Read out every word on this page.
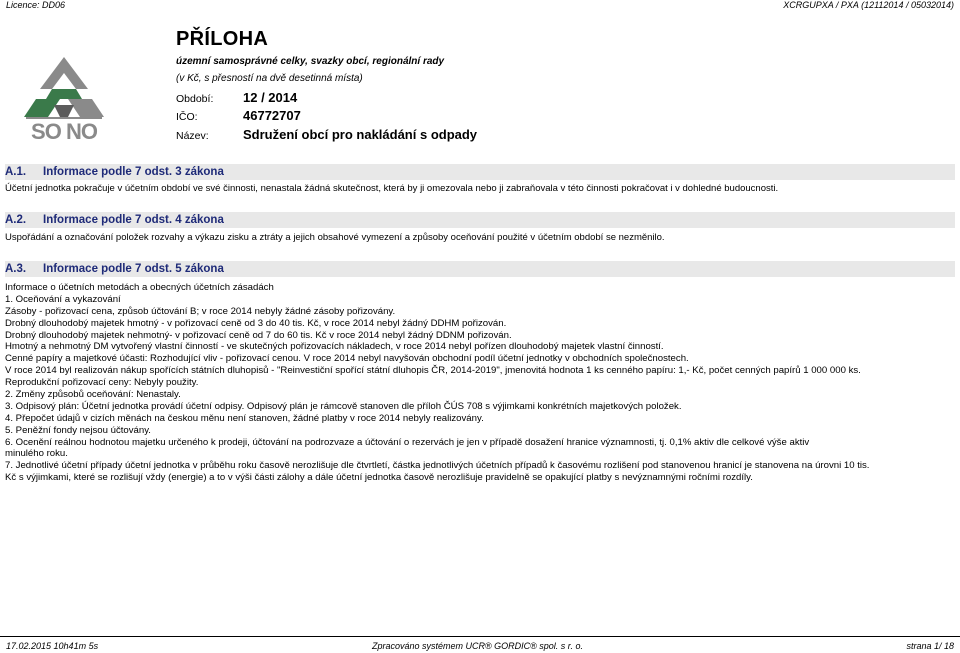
Licence: DD06	XCRGUPXA / PXA (12112014 / 05032014)
SO NO
PŘÍLOHA
územní samosprávné celky, svazky obcí, regionální rady
(v Kč, s přesností na dvě desetinná místa)
Období: 12 / 2014
IČO:	46772707
Název:	Sdružení obcí pro nakládání s odpady
A.1. Informace podle 7 odst. 3 zákona
Účetní jednotka pokračuje v účetním období ve své činnosti, nenastala žádná skutečnost, která by ji omezovala nebo ji zabraňovala v této činnosti pokračovat i v dohledné budoucnosti.
A.2. Informace podle 7 odst. 4 zákona
Uspořádání a označování položek rozvahy a výkazu zisku a ztráty a jejich obsahové vymezení a způsoby oceňování použité v účetním období se nezměnilo.
A.3. Informace podle 7 odst. 5 zákona
Informace o účetních metodách a obecných účetních zásadách
1. Oceňování a vykazování
Zásoby - pořizovací cena, způsob účtování B; v roce 2014 nebyly žádné zásoby pořizovány.
Drobný dlouhodobý majetek hmotný - v pořizovací ceně od 3 do 40 tis. Kč, v roce 2014 nebyl žádný DDHM pořizován.
Drobný dlouhodobý majetek nehmotný- v pořizovací ceně od 7 do 60 tis. Kč v roce 2014 nebyl žádný DDNM pořizován.
Hmotný a nehmotný DM vytvořený vlastní činností - ve skutečných pořizovacích nákladech, v roce 2014 nebyl pořízen dlouhodobý majetek vlastní činností.
Cenné papíry a majetkové účasti: Rozhodující vliv - pořizovací cenou. V roce 2014 nebyl navyšován obchodní podíl účetní jednotky v obchodních společnostech.
V roce 2014 byl realizován nákup spořících státních dluhopisů - "Reinvestiční spořící státní dluhopis ČR, 2014-2019", jmenovitá hodnota 1 ks cenného papíru: 1,- Kč, počet cenných papírů 1 000 000 ks.
Reprodukční pořizovací ceny: Nebyly použity.
2. Změny způsobů oceňování: Nenastaly.
3. Odpisový plán: Účetní jednotka provádí účetní odpisy. Odpisový plán je rámcově stanoven dle příloh ČÚS 708 s výjimkami konkrétních majetkových položek.
4. Přepočet údajů v cizích měnách na českou měnu není stanoven, žádné platby v roce 2014 nebyly realizovány.
5. Peněžní fondy nejsou účtovány.
6. Ocenění reálnou hodnotou majetku určeného k prodeji, účtování na podrozvaze a účtování o rezervách je jen v případě dosažení hranice významnosti, tj. 0,1% aktiv dle celkové výše aktiv
minulého roku.
7. Jednotlivé účetní případy účetní jednotka v průběhu roku časově nerozlišuje dle čtvrtletí, částka jednotlivých účetních případů k časovému rozlišení pod stanovenou hranicí je stanovena na úrovni 10 tis.
Kč s výjimkami, které se rozlišují vždy (energie) a to v výši části zálohy a dále účetní jednotka časově nerozlišuje pravidelně se opakující platby s nevýznamnými ročními rozdíly.
17.02.2015 10h41m 5s	Zpracováno systémem UCR® GORDIC® spol. s r. o.	strana 1/ 18
